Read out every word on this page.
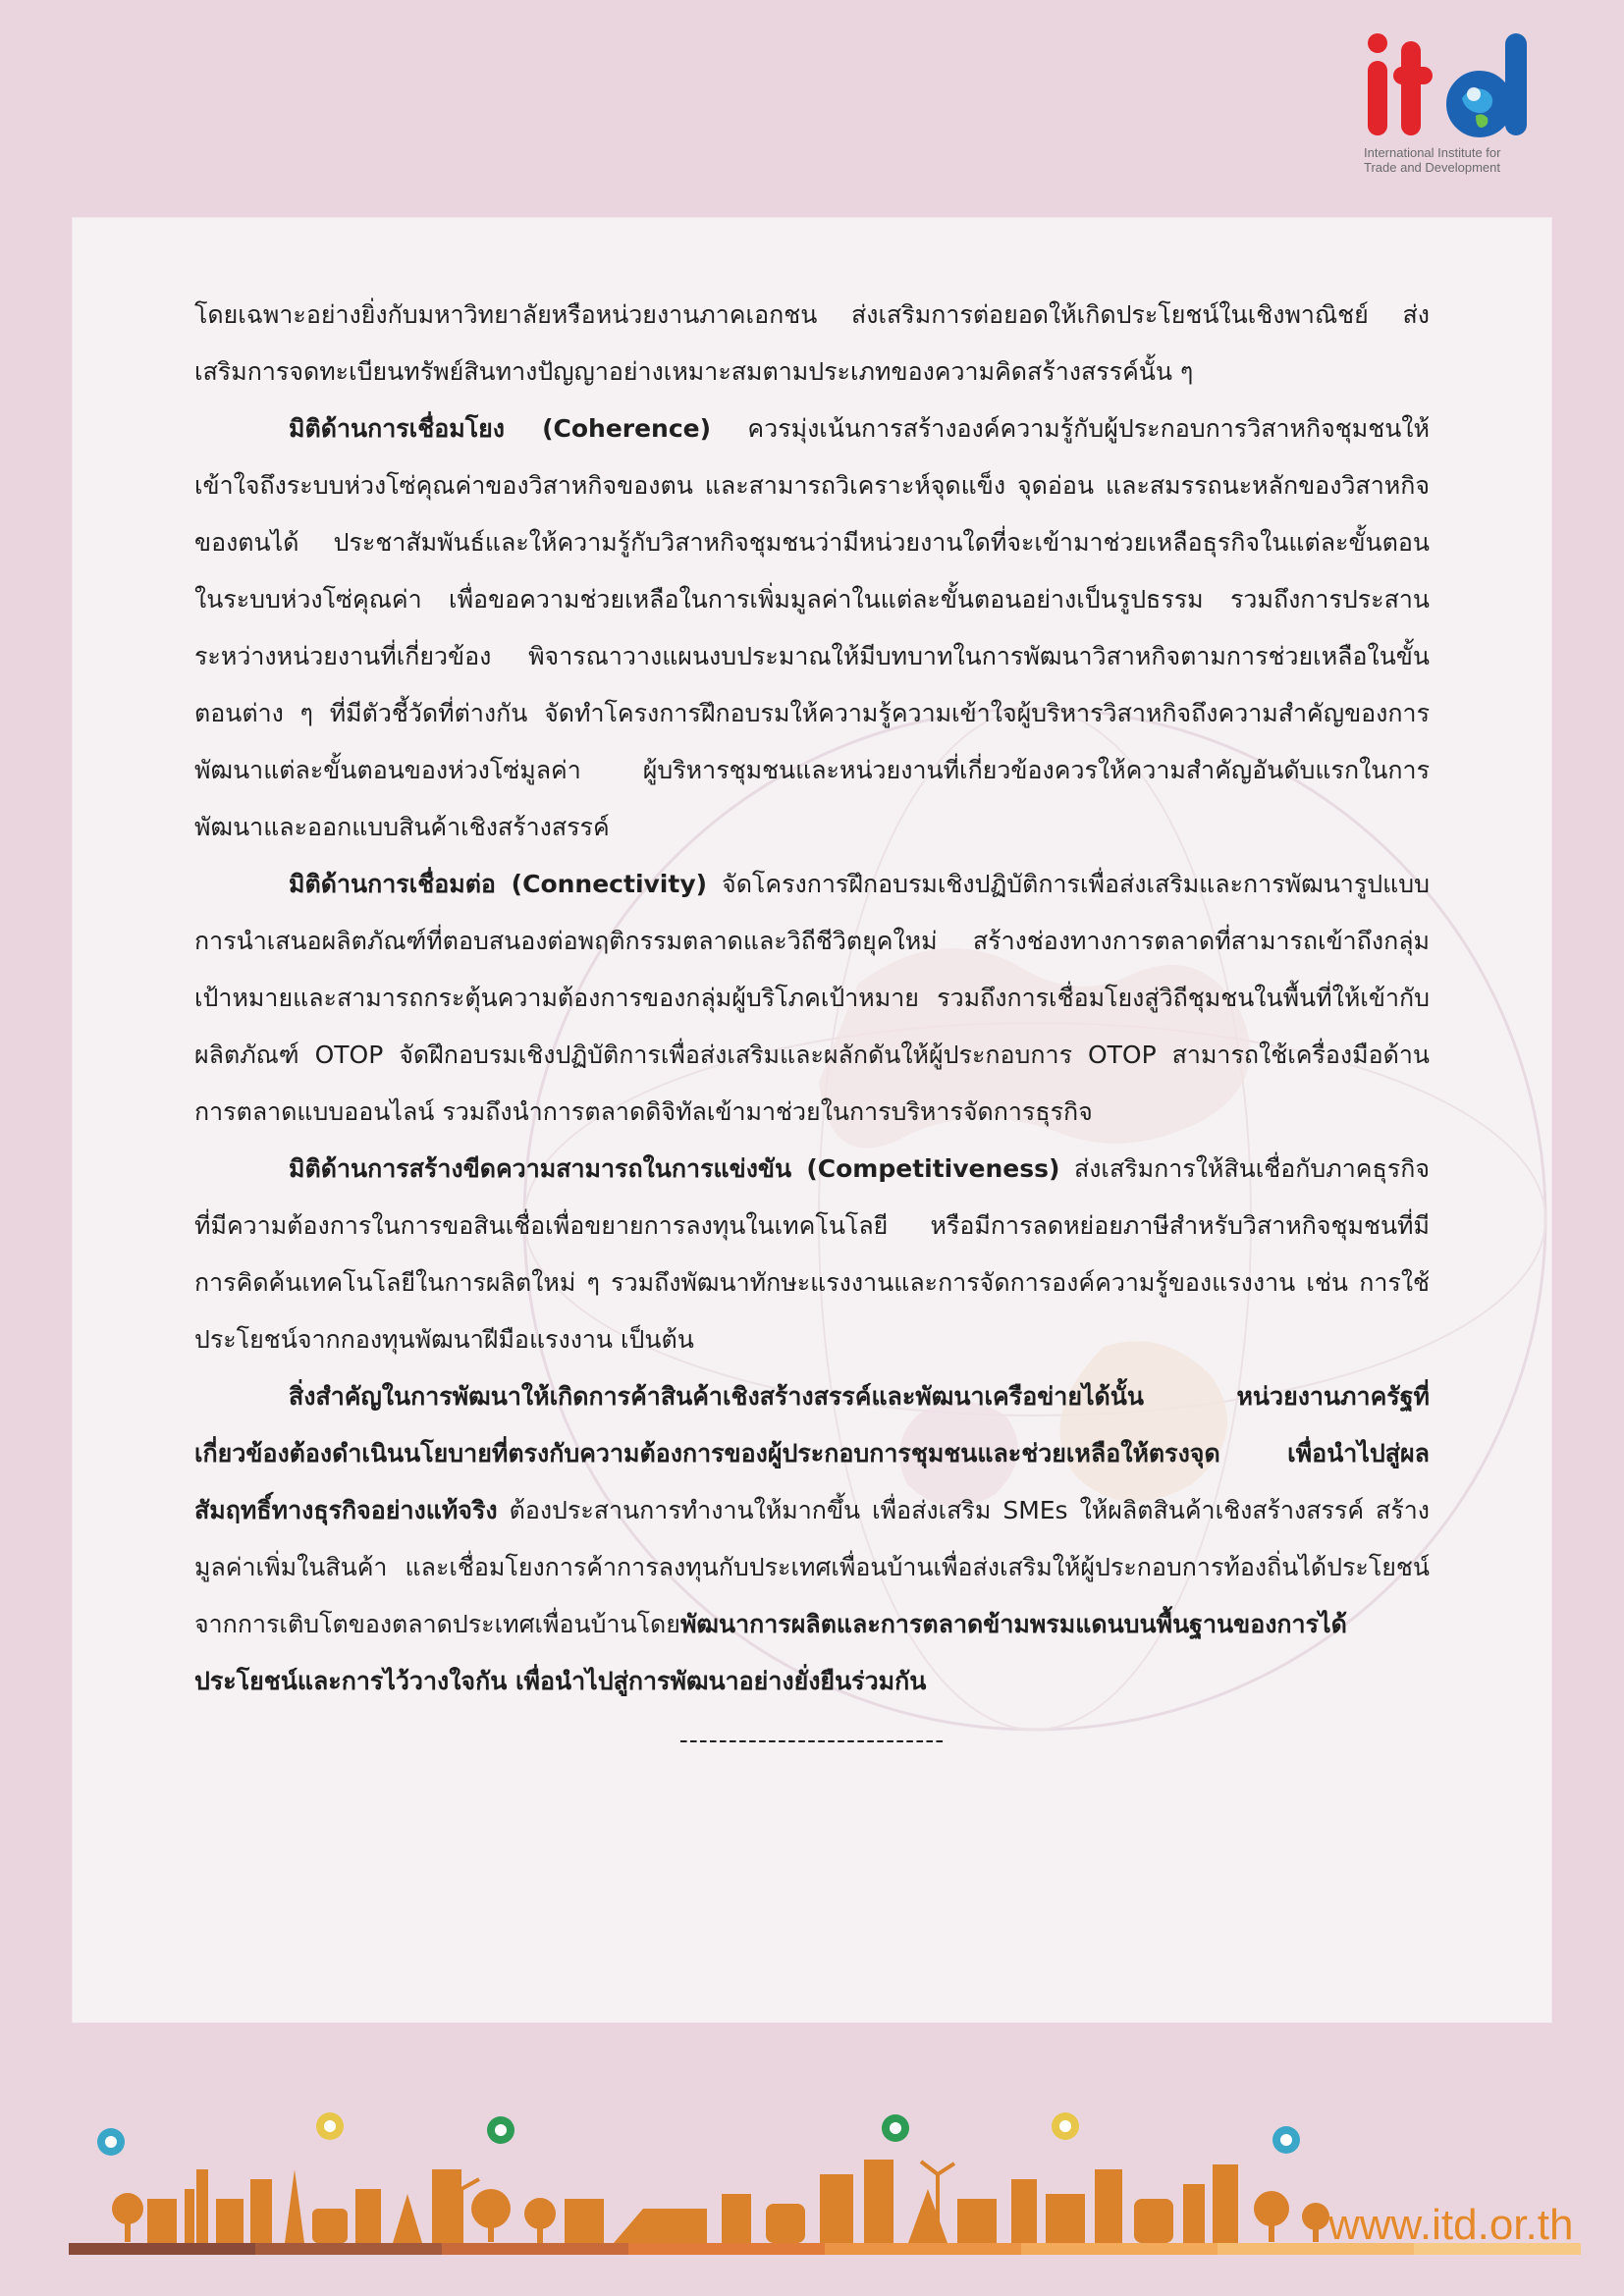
International Institute for
Trade and Development

โดยเฉพาะอย่างยิ่งกับมหาวิทยาลัยหรือหน่วยงานภาคเอกชน ส่งเสริมการต่อยอดให้เกิดประโยชน์ในเชิงพาณิชย์ ส่งเสริมการจดทะเบียนทรัพย์สินทางปัญญาอย่างเหมาะสมตามประเภทของความคิดสร้างสรรค์นั้น ๆ

มิติด้านการเชื่อมโยง (Coherence) ควรมุ่งเน้นการสร้างองค์ความรู้กับผู้ประกอบการวิสาหกิจชุมชนให้เข้าใจถึงระบบห่วงโซ่คุณค่าของวิสาหกิจของตน และสามารถวิเคราะห์จุดแข็ง จุดอ่อน และสมรรถนะหลักของวิสาหกิจของตนได้ ประชาสัมพันธ์และให้ความรู้กับวิสาหกิจชุมชนว่ามีหน่วยงานใดที่จะเข้ามาช่วยเหลือธุรกิจในแต่ละขั้นตอนในระบบห่วงโซ่คุณค่า เพื่อขอความช่วยเหลือในการเพิ่มมูลค่าในแต่ละขั้นตอนอย่างเป็นรูปธรรม รวมถึงการประสานระหว่างหน่วยงานที่เกี่ยวข้อง พิจารณาวางแผนงบประมาณให้มีบทบาทในการพัฒนาวิสาหกิจตามการช่วยเหลือในขั้นตอนต่าง ๆ ที่มีตัวชี้วัดที่ต่างกัน จัดทำโครงการฝึกอบรมให้ความรู้ความเข้าใจผู้บริหารวิสาหกิจถึงความสำคัญของการพัฒนาแต่ละขั้นตอนของห่วงโซ่มูลค่า ผู้บริหารชุมชนและหน่วยงานที่เกี่ยวข้องควรให้ความสำคัญอันดับแรกในการพัฒนาและออกแบบสินค้าเชิงสร้างสรรค์

มิติด้านการเชื่อมต่อ (Connectivity) จัดโครงการฝึกอบรมเชิงปฏิบัติการเพื่อส่งเสริมและการพัฒนารูปแบบการนำเสนอผลิตภัณฑ์ที่ตอบสนองต่อพฤติกรรมตลาดและวิถีชีวิตยุคใหม่ สร้างช่องทางการตลาดที่สามารถเข้าถึงกลุ่มเป้าหมายและสามารถกระตุ้นความต้องการของกลุ่มผู้บริโภคเป้าหมาย รวมถึงการเชื่อมโยงสู่วิถีชุมชนในพื้นที่ให้เข้ากับผลิตภัณฑ์ OTOP จัดฝึกอบรมเชิงปฏิบัติการเพื่อส่งเสริมและผลักดันให้ผู้ประกอบการ OTOP สามารถใช้เครื่องมือด้านการตลาดแบบออนไลน์ รวมถึงนำการตลาดดิจิทัลเข้ามาช่วยในการบริหารจัดการธุรกิจ

มิติด้านการสร้างขีดความสามารถในการแข่งขัน (Competitiveness) ส่งเสริมการให้สินเชื่อกับภาคธุรกิจที่มีความต้องการในการขอสินเชื่อเพื่อขยายการลงทุนในเทคโนโลยี หรือมีการลดหย่อยภาษีสำหรับวิสาหกิจชุมชนที่มีการคิดค้นเทคโนโลยีในการผลิตใหม่ ๆ รวมถึงพัฒนาทักษะแรงงานและการจัดการองค์ความรู้ของแรงงาน เช่น การใช้ประโยชน์จากกองทุนพัฒนาฝีมือแรงงาน เป็นต้น

สิ่งสำคัญในการพัฒนาให้เกิดการค้าสินค้าเชิงสร้างสรรค์และพัฒนาเครือข่ายได้นั้น หน่วยงานภาครัฐที่เกี่ยวข้องต้องดำเนินนโยบายที่ตรงกับความต้องการของผู้ประกอบการชุมชนและช่วยเหลือให้ตรงจุด เพื่อนำไปสู่ผลสัมฤทธิ์ทางธุรกิจอย่างแท้จริง ต้องประสานการทำงานให้มากขึ้น เพื่อส่งเสริม SMEs ให้ผลิตสินค้าเชิงสร้างสรรค์ สร้างมูลค่าเพิ่มในสินค้า และเชื่อมโยงการค้าการลงทุนกับประเทศเพื่อนบ้านเพื่อส่งเสริมให้ผู้ประกอบการท้องถิ่นได้ประโยชน์จากการเติบโตของตลาดประเทศเพื่อนบ้านโดยพัฒนาการผลิตและการตลาดข้ามพรมแดนบนพื้นฐานของการได้ประโยชน์และการไว้วางใจกัน เพื่อนำไปสู่การพัฒนาอย่างยั่งยืนร่วมกัน

---------------------------
www.itd.or.th
